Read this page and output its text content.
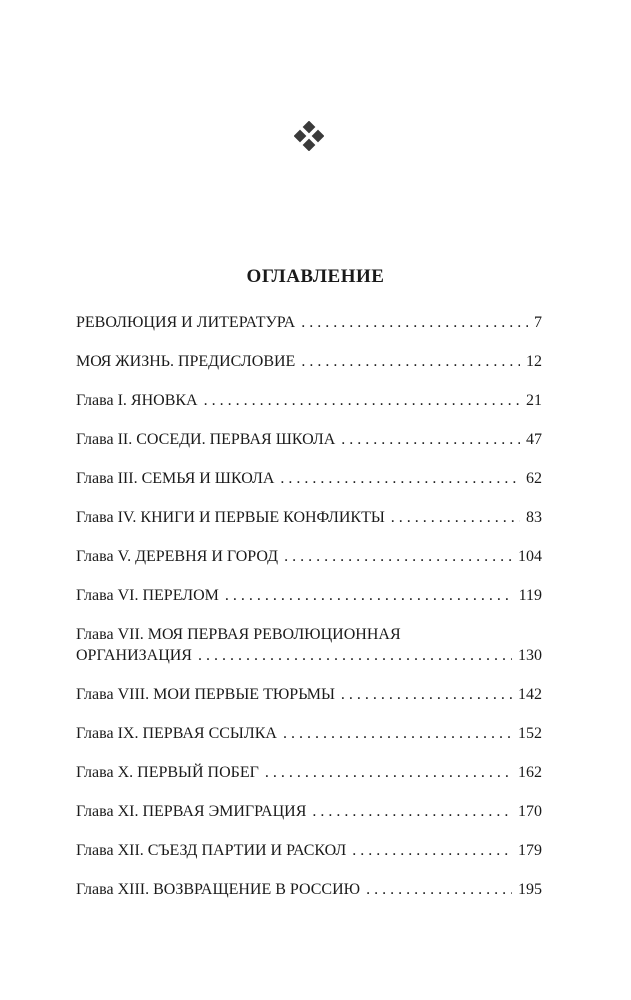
ОГЛАВЛЕНИЕ
РЕВОЛЮЦИЯ И ЛИТЕРАТУРА . . .	7
МОЯ ЖИЗНЬ. ПРЕДИСЛОВИЕ . . .	12
Глава I. ЯНОВКА . . .	21
Глава II. СОСЕДИ. ПЕРВАЯ ШКОЛА . . .	47
Глава III. СЕМЬЯ И ШКОЛА . . .	62
Глава IV. КНИГИ И ПЕРВЫЕ КОНФЛИКТЫ . . .	83
Глава V. ДЕРЕВНЯ И ГОРОД . . .	104
Глава VI. ПЕРЕЛОМ . . .	119
Глава VII. МОЯ ПЕРВАЯ РЕВОЛЮЦИОННАЯ
ОРГАНИЗАЦИЯ . . .	130
Глава VIII. МОИ ПЕРВЫЕ ТЮРЬМЫ . . .	142
Глава IX. ПЕРВАЯ ССЫЛКА . . .	152
Глава X. ПЕРВЫЙ ПОБЕГ . . .	162
Глава XI. ПЕРВАЯ ЭМИГРАЦИЯ . . .	170
Глава XII. СЪЕЗД ПАРТИИ И РАСКОЛ . . .	179
Глава XIII. ВОЗВРАЩЕНИЕ В РОССИЮ . . .	195
